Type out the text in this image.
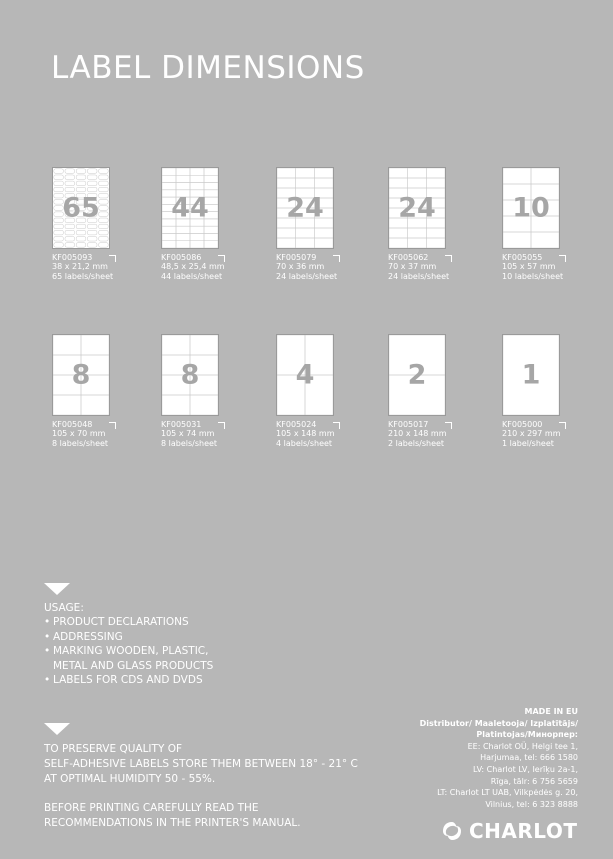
LABEL DIMENSIONS
65
KF005093
38 x 21,2 mm
65 labels/sheet
44
KF005086
48,5 x 25,4 mm
44 labels/sheet
24
KF005079
70 x 36 mm
24 labels/sheet
24
KF005062
70 x 37 mm
24 labels/sheet
10
KF005055
105 x 57 mm
10 labels/sheet
8
KF005048
105 x 70 mm
8 labels/sheet
8
KF005031
105 x 74 mm
8 labels/sheet
4
KF005024
105 x 148 mm
4 labels/sheet
2
KF005017
210 x 148 mm
2 labels/sheet
1
KF005000
210 x 297 mm
1 label/sheet
USAGE:
• PRODUCT DECLARATIONS
• ADDRESSING
• MARKING WOODEN, PLASTIC,
METAL AND GLASS PRODUCTS
• LABELS FOR CDS AND DVDS
TO PRESERVE QUALITY OF
SELF-ADHESIVE LABELS STORE THEM BETWEEN 18° - 21° C
AT OPTIMAL HUMIDITY 50 - 55%.
BEFORE PRINTING CAREFULLY READ THE
RECOMMENDATIONS IN THE PRINTER'S MANUAL.
MADE IN EU
Distributor/ Maaletooja/ Izplatītājs/
Platintojas/Минорпер:
EE: Charlot OÜ, Helgi tee 1,
Harjumaa, tel: 666 1580
LV: Charlot LV, Ierīķu 2a-1,
Rīga, tālr: 6 756 5659
LT: Charlot LT UAB, Vilkpėdės g. 20,
Vilnius, tel: 6 323 8888
CHARLOT
